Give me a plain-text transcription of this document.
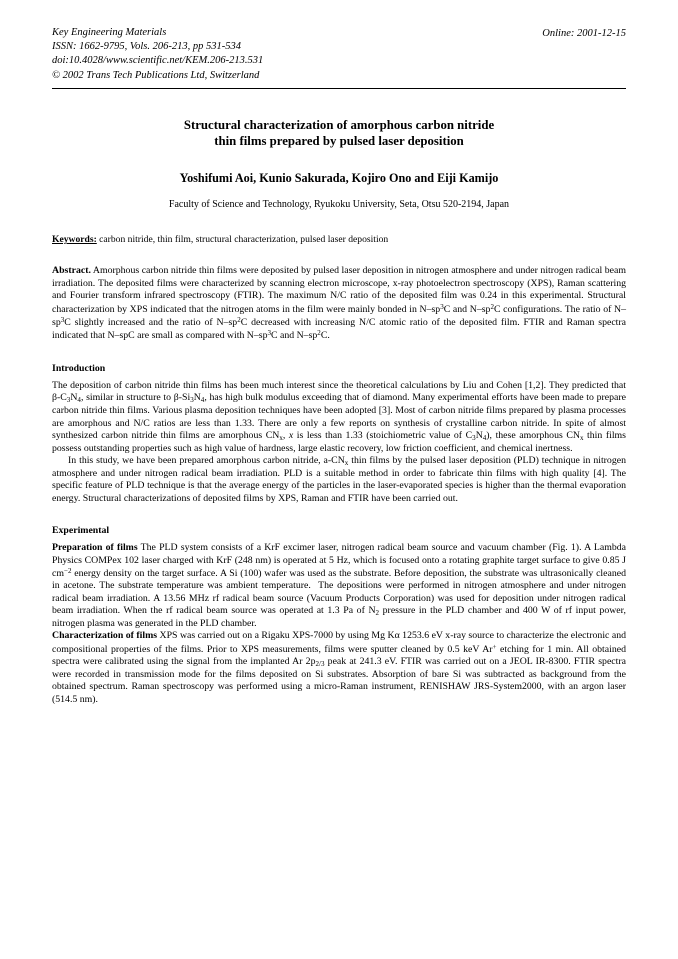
Key Engineering Materials
ISSN: 1662-9795, Vols. 206-213, pp 531-534
doi:10.4028/www.scientific.net/KEM.206-213.531
© 2002 Trans Tech Publications Ltd, Switzerland
Online: 2001-12-15
Structural characterization of amorphous carbon nitride
thin films prepared by pulsed laser deposition
Yoshifumi Aoi, Kunio Sakurada, Kojiro Ono and Eiji Kamijo
Faculty of Science and Technology, Ryukoku University, Seta, Otsu 520-2194, Japan
Keywords: carbon nitride, thin film, structural characterization, pulsed laser deposition
Abstract. Amorphous carbon nitride thin films were deposited by pulsed laser deposition in nitrogen atmosphere and under nitrogen radical beam irradiation. The deposited films were characterized by scanning electron microscope, x-ray photoelectron spectroscopy (XPS), Raman scattering and Fourier transform infrared spectroscopy (FTIR). The maximum N/C ratio of the deposited film was 0.24 in this experimental. Structural characterization by XPS indicated that the nitrogen atoms in the film were mainly bonded in $N-sp^3C$ and $N-sp^2C$ configurations. The ratio of $N-sp^3C$ slightly increased and the ratio of $N-sp^2C$ decreased with increasing N/C atomic ratio of the deposited film. FTIR and Raman spectra indicated that N–spC are small as compared with $N-sp^3C$ and $N-sp^2C$.
Introduction

The deposition of carbon nitride thin films has been much interest since the theoretical calculations by Liu and Cohen [1,2]. They predicted that $\beta-C_3N_4$, similar in structure to $\beta-Si_3N_4$, has high bulk modulus exceeding that of diamond. Many experimental efforts have been made to prepare carbon nitride thin films. Various plasma deposition techniques have been adopted [3]. Most of carbon nitride films prepared by plasma processes are amorphous and N/C ratios are less than 1.33. There are only a few reports on synthesis of crystalline carbon nitride. In spite of almost synthesized carbon nitride thin films are amorphous $CN_x$, x is less than 1.33 (stoichiometric value of $C_3N_4$), these amorphous $CN_x$ thin films possess outstanding properties such as high value of hardness, large elastic recovery, low friction coefficient, and chemical inertness.

In this study, we have been prepared amorphous carbon nitride, $a-CN_x$ thin films by the pulsed laser deposition (PLD) technique in nitrogen atmosphere and under nitrogen radical beam irradiation. PLD is a suitable method in order to fabricate thin films with high quality [4]. The specific feature of PLD technique is that the average energy of the particles in the laser-evaporated species is higher than the thermal evaporation energy. Structural characterizations of deposited films by XPS, Raman and FTIR have been carried out.

Experimental

Preparation of films The PLD system consists of a KrF excimer laser, nitrogen radical beam source and vacuum chamber (Fig. 1). A Lambda Physics COMPex 102 laser charged with KrF (248 nm) is operated at 5 Hz, which is focused onto a rotating graphite target surface to give 0.85 J $cm^{-2}$ energy density on the target surface. A Si (100) wafer was used as the substrate. Before deposition, the substrate was ultrasonically cleaned in acetone. The substrate temperature was ambient temperature.  The depositions were performed in nitrogen atmosphere and under nitrogen radical beam irradiation. A 13.56 MHz rf radical beam source (Vacuum Products Corporation) was used for deposition under nitrogen radical beam irradiation. When the rf radical beam source was operated at 1.3 Pa of $N_2$ pressure in the PLD chamber and 400 W of rf input power, nitrogen plasma was generated in the PLD chamber.

Characterization of films XPS was carried out on a Rigaku XPS-7000 by using Mg Kα 1253.6 eV x-ray source to characterize the electronic and compositional properties of the films. Prior to XPS measurements, films were sputter cleaned by 0.5 keV Ar+ etching for 1 min. All obtained spectra were calibrated using the signal from the implanted Ar $2p_{2/3}$ peak at 241.3 eV. FTIR was carried out on a JEOL IR-8300. FTIR spectra were recorded in transmission mode for the films deposited on Si substrates. Absorption of bare Si was subtracted as background from the obtained spectrum. Raman spectroscopy was performed using a micro-Raman instrument, RENISHAW JRS-System2000, with an argon laser (514.5 nm).
